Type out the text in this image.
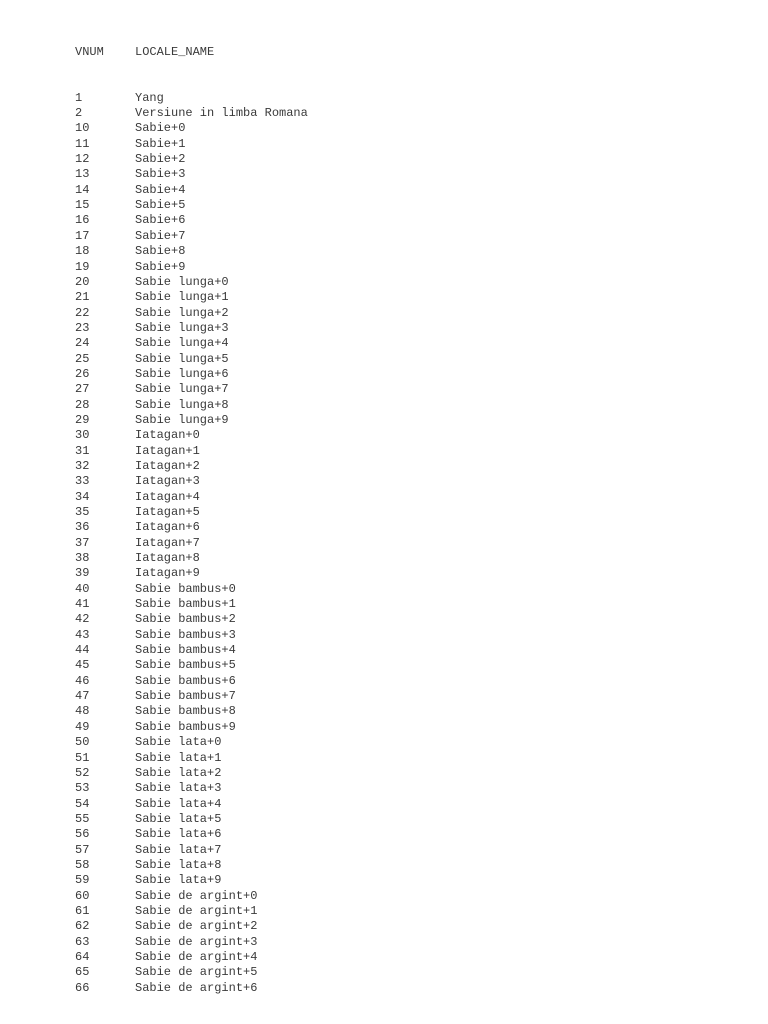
VNUM	LOCALE_NAME

1	Yang
2	Versiune in limba Romana
10	Sabie+0
11	Sabie+1
12	Sabie+2
13	Sabie+3
14	Sabie+4
15	Sabie+5
16	Sabie+6
17	Sabie+7
18	Sabie+8
19	Sabie+9
20	Sabie lunga+0
21	Sabie lunga+1
22	Sabie lunga+2
23	Sabie lunga+3
24	Sabie lunga+4
25	Sabie lunga+5
26	Sabie lunga+6
27	Sabie lunga+7
28	Sabie lunga+8
29	Sabie lunga+9
30	Iatagan+0
31	Iatagan+1
32	Iatagan+2
33	Iatagan+3
34	Iatagan+4
35	Iatagan+5
36	Iatagan+6
37	Iatagan+7
38	Iatagan+8
39	Iatagan+9
40	Sabie bambus+0
41	Sabie bambus+1
42	Sabie bambus+2
43	Sabie bambus+3
44	Sabie bambus+4
45	Sabie bambus+5
46	Sabie bambus+6
47	Sabie bambus+7
48	Sabie bambus+8
49	Sabie bambus+9
50	Sabie lata+0
51	Sabie lata+1
52	Sabie lata+2
53	Sabie lata+3
54	Sabie lata+4
55	Sabie lata+5
56	Sabie lata+6
57	Sabie lata+7
58	Sabie lata+8
59	Sabie lata+9
60	Sabie de argint+0
61	Sabie de argint+1
62	Sabie de argint+2
63	Sabie de argint+3
64	Sabie de argint+4
65	Sabie de argint+5
66	Sabie de argint+6
